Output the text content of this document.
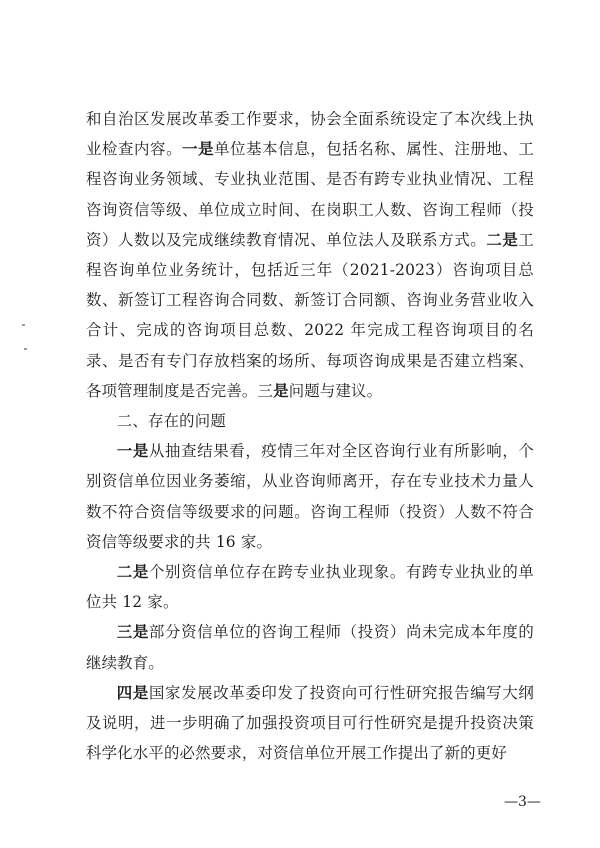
和自治区发展改革委工作要求，协会全面系统设定了本次线上执业检查内容。一是单位基本信息，包括名称、属性、注册地、工程咨询业务领域、专业执业范围、是否有跨专业执业情况、工程咨询资信等级、单位成立时间、在岗职工人数、咨询工程师（投资）人数以及完成继续教育情况、单位法人及联系方式。二是工程咨询单位业务统计，包括近三年（2021-2023）咨询项目总数、新签订工程咨询合同数、新签订合同额、咨询业务营业收入合计、完成的咨询项目总数、2022 年完成工程咨询项目的名录、是否有专门存放档案的场所、每项咨询成果是否建立档案、各项管理制度是否完善。三是问题与建议。

二、存在的问题

一是从抽查结果看，疫情三年对全区咨询行业有所影响，个别资信单位因业务萎缩，从业咨询师离开，存在专业技术力量人数不符合资信等级要求的问题。咨询工程师（投资）人数不符合资信等级要求的共 16 家。

二是个别资信单位存在跨专业执业现象。有跨专业执业的单位共 12 家。

三是部分资信单位的咨询工程师（投资）尚未完成本年度的继续教育。

四是国家发展改革委印发了投资向可行性研究报告编写大纲及说明，进一步明确了加强投资项目可行性研究是提升投资决策科学化水平的必然要求，对资信单位开展工作提出了新的更好

—3—
